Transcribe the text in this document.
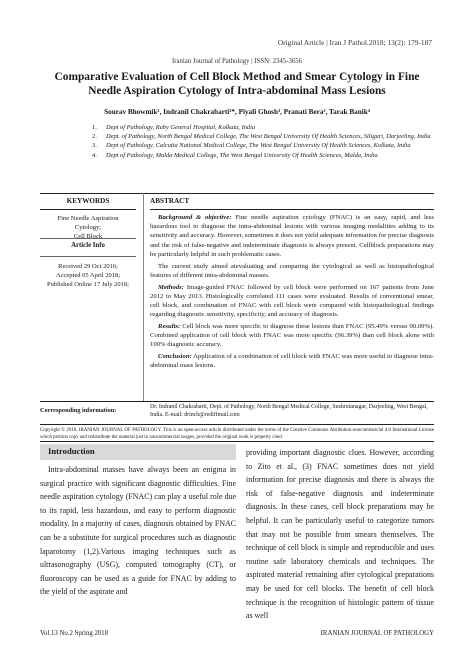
Original Article | Iran J Pathol.2018; 13(2): 179-187
Iranian Journal of Pathology | ISSN: 2345-3656
Comparative Evaluation of Cell Block Method and Smear Cytology in Fine Needle Aspiration Cytology of Intra-abdominal Mass Lesions
Sourav Bhowmik¹, Indranil Chakrabarti²*, Piyali Ghosh³, Pranati Bera³, Tarak Banik⁴
1. Dept of Pathology, Ruby General Hospital, Kolkata, India
2. Dept. of Pathology, North Bengal Medical College, The West Bengal University Of Health Sciences, Siliguri, Darjeeling, India
3. Dept of Pathology, Calcutta National Medical College, The West Bengal University Of Health Sciences, Kolkata, India
4. Dept of Pathology, Malda Medical College, The West Bengal University Of Health Sciences, Malda, India
KEYWORDS	ABSTRACT
Fine Needle Aspiration
Cytology;
Cell Block
Article Info
Received 29 Oct 2016;
Accepted 05 April 2018;
Published Online 17 July 2018;

Background & objective: Fine needle aspiration cytology (FNAC) is an easy, rapid, and less hazardous tool to diagnose the intra-abdominal lesions with various imaging modalities adding to its sensitivity and accuracy. However, sometimes it does not yield adequate information for precise diagnosis and the risk of false-negative and indeterminate diagnosis is always present. Cellblock preparations may be particularly helpful in such problematic cases.

The current study aimed atevaluating and comparing the cytological as well as histopathological features of different intra-abdominal masses.

Methods: Image-guided FNAC followed by cell block were performed on 167 patients from June 2012 to May 2013. Histologically correlated 111 cases were evaluated. Results of conventional smear, cell block, and combination of FNAC with cell block were compared with histopathological findings regarding diagnostic sensitivity, specificity, and accuracy of diagnosis.

Results: Cell block was more specific to diagnose these lesions than FNAC (95.49% versus 90.09%). Combined application of cell block with FNAC was more specific (96.39%) than cell block alone with 100% diagnostic accuracy.

Conclusion: Application of a combination of cell block with FNAC was more useful to diagnose intra-abdominal mass lesions.

Corresponding information:	Dr. Indranil Chakrabarti, Dept. of Pathology, North Bengal Medical College, Sushrutanagar, Darjeeling, West Bengal, India. E-mail: drinch@rediffmail.com
Copyright © 2018, IRANIAN JOURNAL OF PATHOLOGY. This is an open-access article distributed under the terms of the Creative Commons Attribution-noncommercial 4.0 International License which permits copy and redistribute the material just in noncommercial usages, provided the original work is properly cited.
Introduction
Intra-abdominal masses have always been an enigma in surgical practice with significant diagnostic difficulties. Fine needle aspiration cytology (FNAC) can play a useful role due to its rapid, less hazardous, and easy to perform diagnostic modality. In a majority of cases, diagnosis obtained by FNAC can be a substitute for surgical procedures such as diagnostic laparotomy (1,2).Various imaging techniques such as ultrasonography (USG), computed tomography (CT), or fluoroscopy can be used as a guide for FNAC by adding to the yield of the aspirate and
providing important diagnostic clues. However, according to Zito et al., (3) FNAC sometimes does not yield information for precise diagnosis and there is always the risk of false-negative diagnosis and indeterminate diagnosis. In these cases, cell block preparations may be helpful. It can be particularly useful to categorize tumors that may not be possible from smears themselves. The technique of cell block is simple and reproducible and uses routine safe laboratory chemicals and techniques. The aspirated material remaining after cytological preparations may be used for cell blocks. The benefit of cell block technique is the recognition of histologic pattern of tissue as well
Vol.13 No.2 Spring 2018	IRANIAN JOURNAL OF PATHOLOGY
